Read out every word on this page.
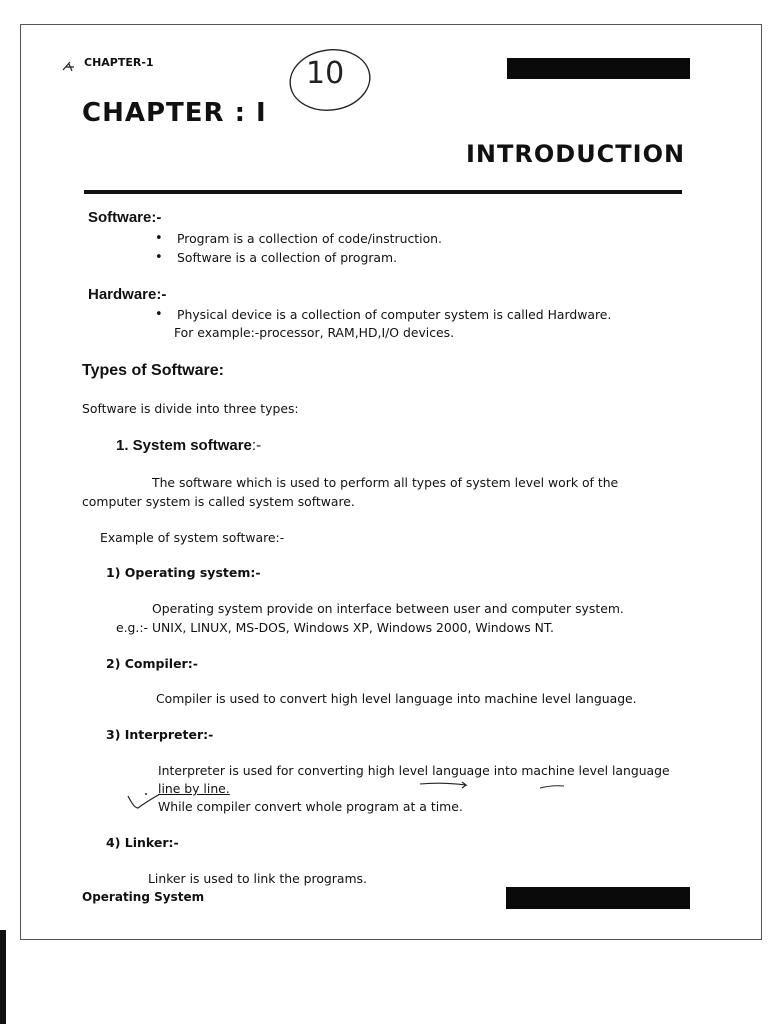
CHAPTER-1	10
CHAPTER : I
INTRODUCTION
Software:-
• Program is a collection of code/instruction.
• Software is a collection of program.
Hardware:-
• Physical device is a collection of computer system is called Hardware.
For example:-processor, RAM,HD,I/O devices.
Types of Software:
Software is divide into three types:
1. System software:-
The software which is used to perform all types of system level work of the
computer system is called system software.
Example of system software:-
1) Operating system:-
Operating system provide on interface between user and computer system.
e.g.:- UNIX, LINUX, MS-DOS, Windows XP, Windows 2000, Windows NT.
2) Compiler:-
Compiler is used to convert high level language into machine level language.
3) Interpreter:-
Interpreter is used for converting high level language into machine level language
line by line.
While compiler convert whole program at a time.
4) Linker:-
Linker is used to link the programs.
Operating System
